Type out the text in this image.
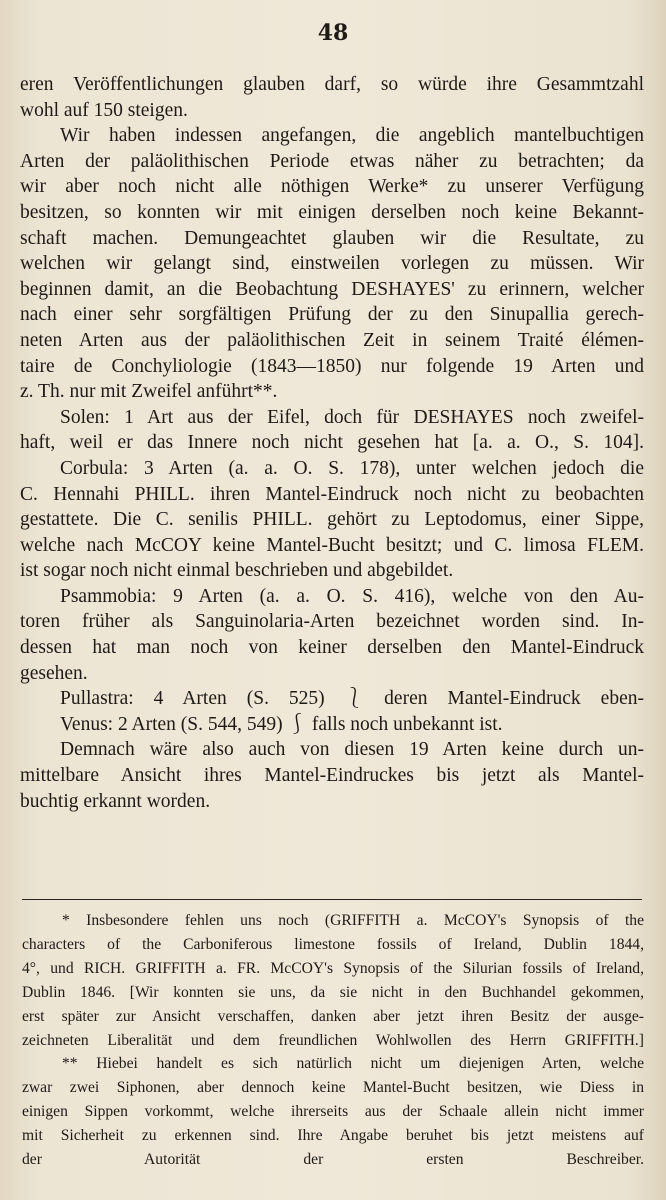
48
eren Veröffentlichungen glauben darf, so würde ihre Gesammtzahl
wohl auf 150 steigen.
Wir haben indessen angefangen, die angeblich mantelbuchtigen
Arten der paläolithischen Periode etwas näher zu betrachten; da
wir aber noch nicht alle nöthigen Werke* zu unserer Verfügung
besitzen, so konnten wir mit einigen derselben noch keine Bekannt-
schaft machen. Demungeachtet glauben wir die Resultate, zu
welchen wir gelangt sind, einstweilen vorlegen zu müssen. Wir
beginnen damit, an die Beobachtung DESHAYES' zu erinnern, welcher
nach einer sehr sorgfältigen Prüfung der zu den Sinupallia gerech-
neten Arten aus der paläolithischen Zeit in seinem Traité élémen-
taire de Conchyliologie (1843—1850) nur folgende 19 Arten und
z. Th. nur mit Zweifel anführt**.
Solen: 1 Art aus der Eifel, doch für DESHAYES noch zweifel-
haft, weil er das Innere noch nicht gesehen hat [a. a. O., S. 104].
Corbula: 3 Arten (a. a. O. S. 178), unter welchen jedoch die
C. Hennahi PHILL. ihren Mantel-Eindruck noch nicht zu beobachten
gestattete. Die C. senilis PHILL. gehört zu Leptodomus, einer Sippe,
welche nach McCOY keine Mantel-Bucht besitzt; und C. limosa FLEM.
ist sogar noch nicht einmal beschrieben und abgebildet.
Psammobia: 9 Arten (a. a. O. S. 416), welche von den Au-
toren früher als Sanguinolaria-Arten bezeichnet worden sind. In-
dessen hat man noch von keiner derselben den Mantel-Eindruck
gesehen.
Pullastra: 4 Arten (S. 525) ⎱ deren Mantel-Eindruck eben-
Venus: 2 Arten (S. 544, 549) ⎰ falls noch unbekannt ist.
Demnach wäre also auch von diesen 19 Arten keine durch un-
mittelbare Ansicht ihres Mantel-Eindruckes bis jetzt als Mantel-
buchtig erkannt worden.
* Insbesondere fehlen uns noch (GRIFFITH a. McCOY's Synopsis of the
characters of the Carboniferous limestone fossils of Ireland, Dublin 1844,
4°, und RICH. GRIFFITH a. FR. McCOY's Synopsis of the Silurian fossils of Ireland,
Dublin 1846. [Wir konnten sie uns, da sie nicht in den Buchhandel gekommen,
erst später zur Ansicht verschaffen, danken aber jetzt ihren Besitz der ausge-
zeichneten Liberalität und dem freundlichen Wohlwollen des Herrn GRIFFITH.]
** Hiebei handelt es sich natürlich nicht um diejenigen Arten, welche
zwar zwei Siphonen, aber dennoch keine Mantel-Bucht besitzen, wie Diess in
einigen Sippen vorkommt, welche ihrerseits aus der Schaale allein nicht immer
mit Sicherheit zu erkennen sind. Ihre Angabe beruhet bis jetzt meistens auf
der Autorität der ersten Beschreiber.
